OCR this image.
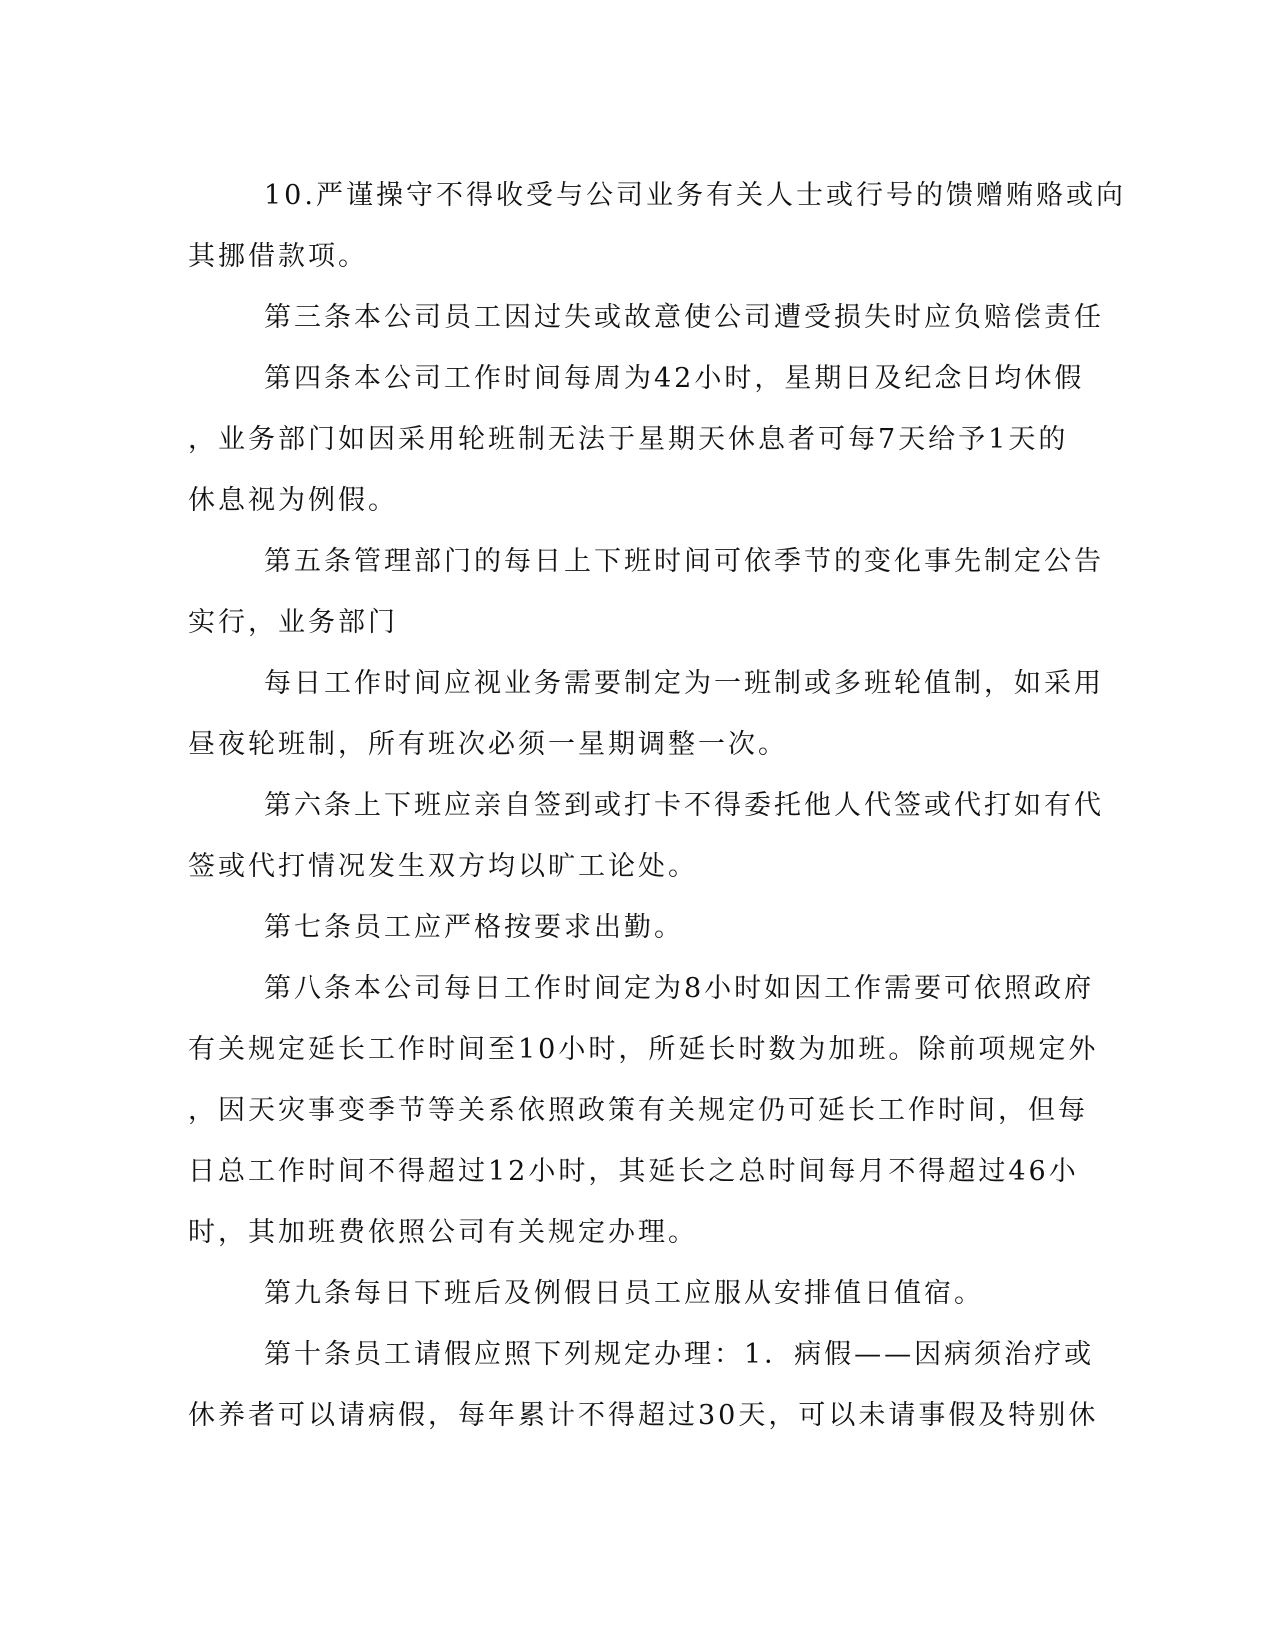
10.严谨操守不得收受与公司业务有关人士或行号的馈赠贿赂或向
其挪借款项。
第三条本公司员工因过失或故意使公司遭受损失时应负赔偿责任
第四条本公司工作时间每周为42小时，星期日及纪念日均休假
，业务部门如因采用轮班制无法于星期天休息者可每7天给予1天的
休息视为例假。
第五条管理部门的每日上下班时间可依季节的变化事先制定公告
实行，业务部门
每日工作时间应视业务需要制定为一班制或多班轮值制，如采用
昼夜轮班制，所有班次必须一星期调整一次。
第六条上下班应亲自签到或打卡不得委托他人代签或代打如有代
签或代打情况发生双方均以旷工论处。
第七条员工应严格按要求出勤。
第八条本公司每日工作时间定为8小时如因工作需要可依照政府
有关规定延长工作时间至10小时，所延长时数为加班。除前项规定外
，因天灾事变季节等关系依照政策有关规定仍可延长工作时间，但每
日总工作时间不得超过12小时，其延长之总时间每月不得超过46小
时，其加班费依照公司有关规定办理。
第九条每日下班后及例假日员工应服从安排值日值宿。
第十条员工请假应照下列规定办理：1．病假——因病须治疗或
休养者可以请病假，每年累计不得超过30天，可以未请事假及特别休
